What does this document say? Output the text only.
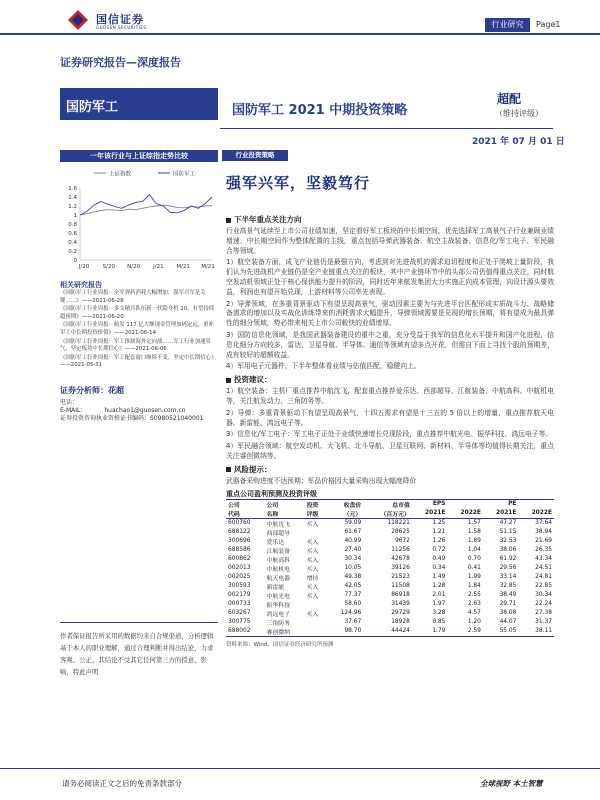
国信证券
GUOSEN SECURITIES	行业研究	Page1
证券研究报告—深度报告
国防军工	国防军工 2021 中期投资策略
超配
（维持评级）
2021 年 07 月 01 日
一年该行业与上证综指走势比较
上证指数	国防军工
0
0.2
0.4
0.6
0.8
1
1.2
1.4
1.6
J/20 S/20 N/20 J/21 M/21 M/21
相关研究报告
《国防军工行业周报：全军弹药消耗大幅增加，强军兴军是关键……》——2021-06-28
《国防军工行业周报：多支精兵队伍新一代隐身机 20，有望持续超预期》——2021-06-20
《国防军工行业周报：航发 117 亿大额现金管理加码定远，重补军工中长期投资价值》——2021-06-14
《国防军工行业周报：军工体制海外定向战……军工行业加速景气，坚定板块中长期信心》——2021-06-06
《国防军工行业周报：军工配套窗口继续不变，坚定中长期信心》——2021-05-31
证券分析师：花超
电话：
E-MAIL：	huachao1@guosen.com.cn
证券投资咨询执业资格证书编码：S0980521040001
作者保证报告所采用的数据均来自合规渠道，分析逻辑基于本人的职业理解，通过合理判断并得出结论，力求客观、公正，其结论不受其它任何第三方的授意、影响，特此声明
行业投资策略
强军兴军，坚毅笃行
下半年重点关注方向
行业高景气延续至上市公司业绩加速，坚定看好军工板块的中长期空间。优先选择军工高景气子行业兼顾业绩增速、中长期空间作为整体配置的主线，重点包括导弹武器装备、航空主战装备、信息化/军工电子、军民融合等领域。
1）航空装备方面，成飞产业链仍是最强方向，考虑到对先进战机的需求迫切程度和正处于爬坡上量阶段，我们认为先进战机产业链仍是全产业链重点关注的板块，其中产业链环节中的头部公司仍值得重点关注，同时航空发动机领域正处于核心保供能力提升的阶段，同时近年来航发集团大力实施正向成本管理，向设计源头要效益，利润也有望开始兑现，上游材料等公司率先表现。
2）导弹领域，在多重背景驱动下有望呈现高景气，驱动因素主要为与先进平台匹配形成实质战斗力、战略储备需求的增加以及实战化训练带来的消耗需求大幅提升，导弹领域需要是兑现的增长预期，将有望成为最具弹性的细分领域，势必带来相关上市公司較快的业绩增厚。
3）国防信息化领域，是我国武器装备建设的重中之重，充分受益于我军的信息化水平提升和国产化进程，信息化细分方向较多，雷达、卫星导航、半导体、通信等领域有望多点开花，但需自下而上寻找个股的预期差，成有较好的超额收益。
4）军用电子元器件，下半年整体看业绩与估值匹配，稳健向上。
投资建议：
1）航空装备：主机厂重点推荐中航沈飞，配套重点推荐爱乐达、西部超导、江航装备、中航高科、中航机电等，关注航发动力、三角防务等。
2）导弹：多重背景驱动下有望呈现高景气，十四五需求有望是十三五的 5 倍以上的增量，重点推荐航天电器、新雷能、鸿远电子等。
3）信息化/军工电子：军工电子正处于业绩快速增长兑现阶段，重点推荐中航光电、振华科技、鸿远电子等。
4）军民融合领域：航空发动机、大飞机、北斗导航、卫星互联网、新材料、半导体等均值得长期关注，重点关注睿创微纳等。
风险提示：
武器备采购进度不达预期；军品价格因大量采购出现大幅度降价
重点公司盈利预测及投资评级
公司	公司	投资	收盘价	总市值	EPS		PE	
代码	名称	评级	（元）	（百万元）	2021E	2022E	2021E	2022E
600760	中航沈飞	买入	59.09	118221	1.25	1.57	47.27	37.64
688122	西部超导		61.67	28625	1.21	1.58	51.15	38.94
300696	爱乐达	买入	40.99	9672	1.26	1.89	32.53	21.69
688586	江航装备	买入	27.40	11256	0.72	1.04	38.06	26.35
600862	中航高科	买入	30.34	42678	0.49	0.70	61.92	43.34
002013	中航机电	买入	10.05	39126	0.34	0.41	29.56	24.51
002025	航天电器	增持	49.38	21523	1.49	1.99	33.14	24.81
300593	新雷能	买入	42.05	11508	1.28	1.84	32.85	22.85
002179	中航光电	买入	77.37	86918	2.01	2.55	38.49	30.34
000733	振华科技		58.60	31439	1.97	2.63	29.71	22.24
603267	鸿远电子	买入	124.96	29729	3.28	4.57	38.08	27.38
300775	三角防务		37.67	18928	0.85	1.20	44.07	31.37
688002	睿创微纳		98.70	44424	1.79	2.59	55.05	38.11
资料来源：Wind、国信证券经济研究所预测
请务必阅读正文之后的免责条款部分	全球视野 本土智慧
